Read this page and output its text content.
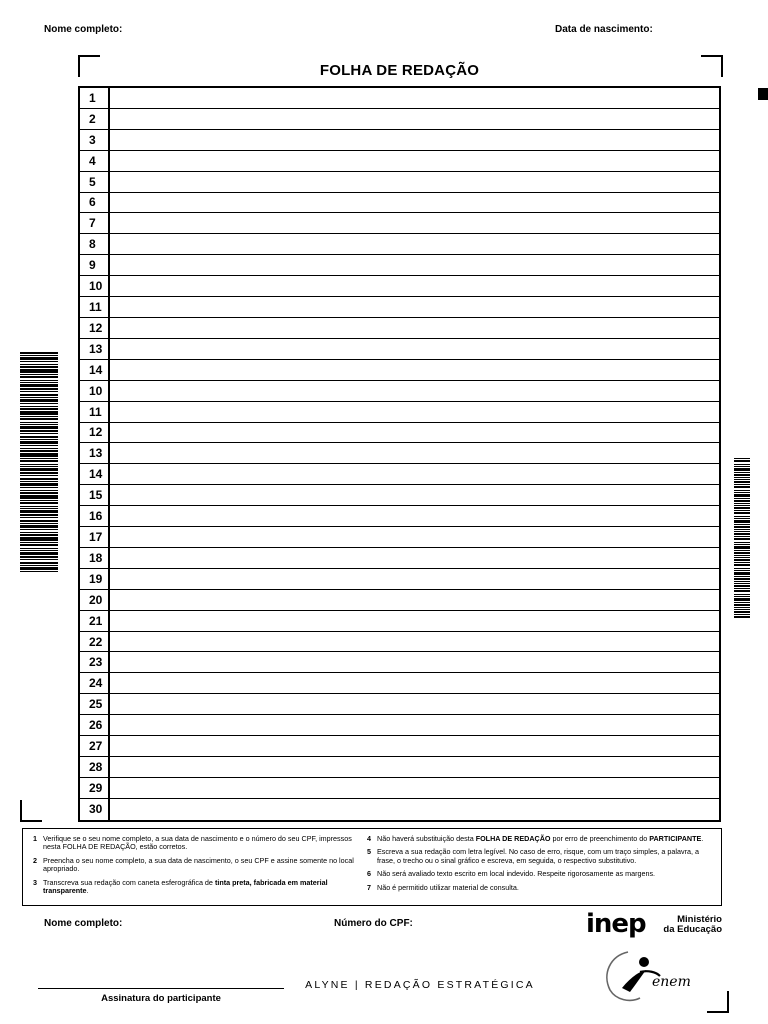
Nome completo:	Data de nascimento:
FOLHA DE REDAÇÃO
1
2
3
4
5
6
7
8
9
10
11
12
13
14
10
11
12
13
14
15
16
17
18
19
20
21
22
23
24
25
26
27
28
29
30
1 Verifique se o seu nome completo, a sua data de nascimento e o número do seu CPF, impressos nesta FOLHA DE REDAÇÃO, estão corretos.
2 Preencha o seu nome completo, a sua data de nascimento, o seu CPF e assine somente no local apropriado.
3 Transcreva sua redação com caneta esferográfica de tinta preta, fabricada em material transparente.
4 Não haverá substituição desta FOLHA DE REDAÇÃO por erro de preenchimento do PARTICIPANTE.
5 Escreva a sua redação com letra legível. No caso de erro, risque, com um traço simples, a palavra, a frase, o trecho ou o sinal gráfico e escreva, em seguida, o respectivo substitutivo.
6 Não será avaliado texto escrito em local indevido. Respeite rigorosamente as margens.
7 Não é permitido utilizar material de consulta.
Nome completo:	Número do CPF:	inep	Ministério
da Educação
ALYNE | REDAÇÃO ESTRATÉGICA
Assinatura do participante
enem
